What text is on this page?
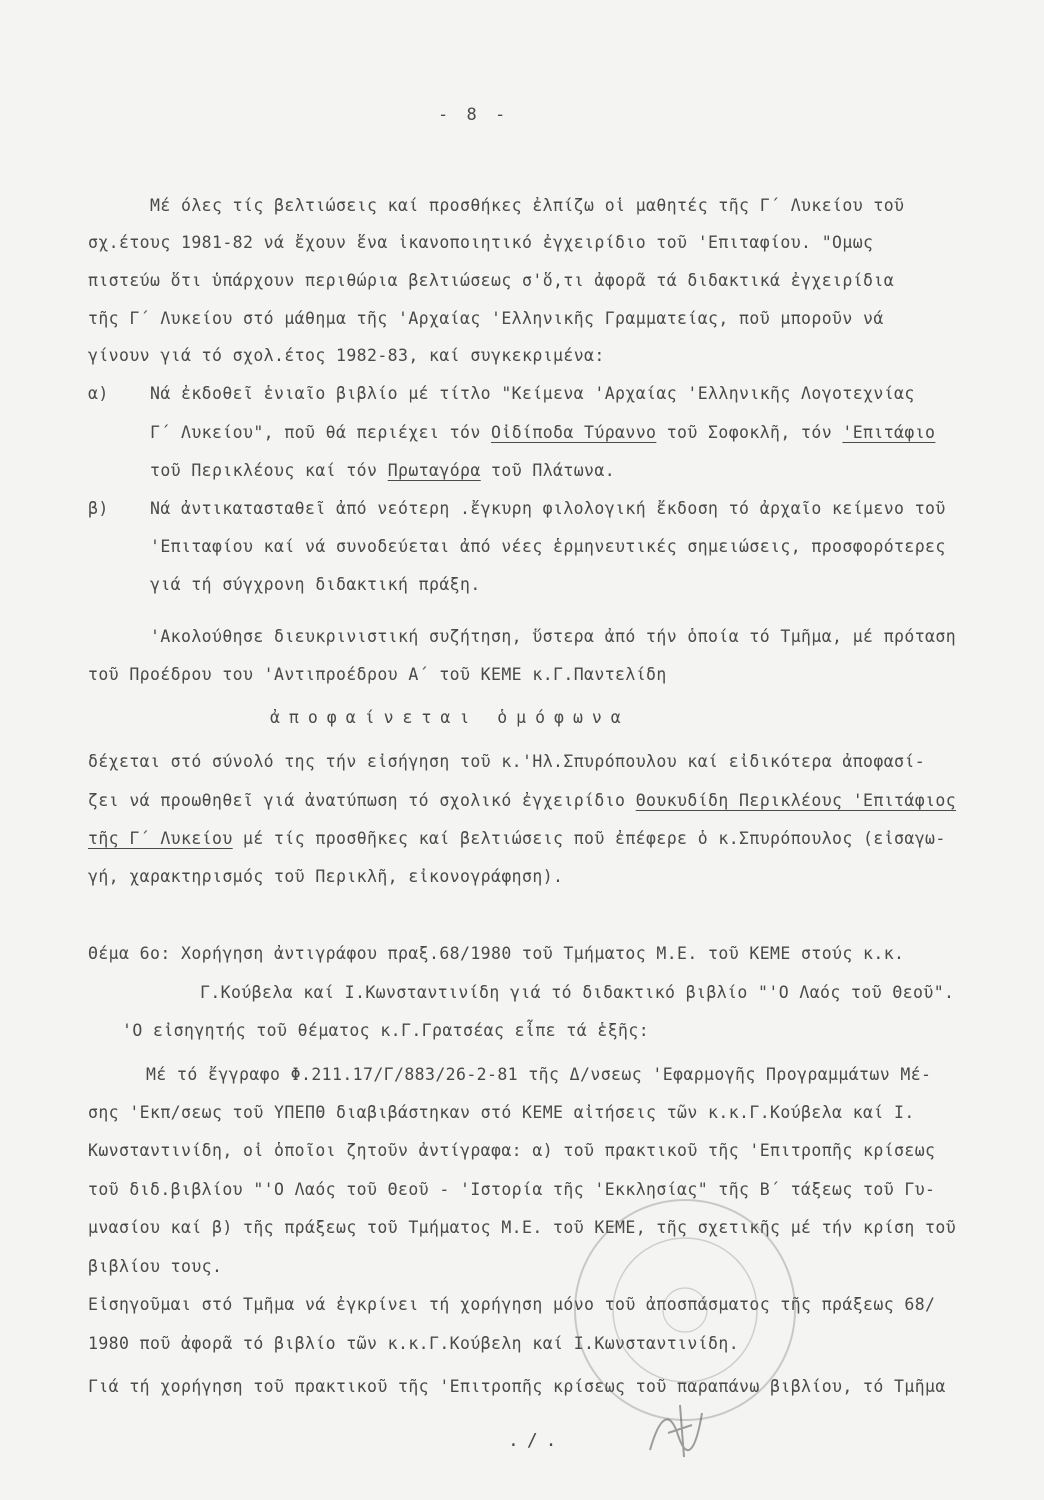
- 8 -
Μέ όλες τίς βελτιώσεις καί προσθήκες ἐλπίζω οἱ μαθητές τῆς Γ΄ Λυκείου τοῦ
σχ.έτους 1981-82 νά ἔχουν ἕνα ἱκανοποιητικό ἐγχειρίδιο τοῦ 'Επιταφίου. "Ομως
πιστεύω ὅτι ὑπάρχουν περιθώρια βελτιώσεως σ'ὅ,τι ἀφορᾶ τά διδακτικά ἐγχειρίδια
τῆς Γ΄ Λυκείου στό μάθημα τῆς 'Αρχαίας 'Ελληνικῆς Γραμματείας, ποῦ μποροῦν νά
γίνουν γιά τό σχολ.έτος 1982-83, καί συγκεκριμένα:
α)	Νά ἐκδοθεῖ ἑνιαῖο βιβλίο μέ τίτλο "Κείμενα 'Αρχαίας 'Ελληνικῆς Λογοτεχνίας
Γ΄ Λυκείου", ποῦ θά περιέχει τόν Οἰδίποδα Τύραννο τοῦ Σοφοκλῆ, τόν 'Επιτάφιο
τοῦ Περικλέους καί τόν Πρωταγόρα τοῦ Πλάτωνα.
β)	Νά ἀντικατασταθεῖ ἀπό νεότερη .ἔγκυρη φιλολογική ἔκδοση τό ἀρχαῖο κείμενο τοῦ
'Επιταφίου καί νά συνοδεύεται ἀπό νέες ἑρμηνευτικές σημειώσεις, προσφορότερες
γιά τή σύγχρονη διδακτική πράξη.
'Ακολούθησε διευκρινιστική συζήτηση, ὕστερα ἀπό τήν ὁποία τό Τμῆμα, μέ πρόταση
τοῦ Προέδρου του 'Αντιπροέδρου Α΄ τοῦ ΚΕΜΕ κ.Γ.Παντελίδη
ἀποφαίνεται ὁμόφωνα
δέχεται στό σύνολό της τήν εἰσήγηση τοῦ κ.'Ηλ.Σπυρόπουλου καί εἰδικότερα ἀποφασί-
ζει νά προωθηθεῖ γιά ἀνατύπωση τό σχολικό ἐγχειρίδιο Θουκυδίδη Περικλέους 'Επιτάφιος
τῆς Γ΄ Λυκείου μέ τίς προσθῆκες καί βελτιώσεις ποῦ ἐπέφερε ὁ κ.Σπυρόπουλος (εἰσαγω-
γή, χαρακτηρισμός τοῦ Περικλῆ, εἰκονογράφηση).
Θέμα 6ο: Χορήγηση ἀντιγράφου πραξ.68/1980 τοῦ Τμήματος Μ.Ε. τοῦ ΚΕΜΕ στούς κ.κ.
Γ.Κούβελα καί Ι.Κωνσταντινίδη γιά τό διδακτικό βιβλίο "'Ο Λαός τοῦ Θεοῦ".
'Ο εἰσηγητής τοῦ θέματος κ.Γ.Γρατσέας εἶπε τά ἑξῆς:
Μέ τό ἔγγραφο Φ.211.17/Γ/883/26-2-81 τῆς Δ/νσεως 'Εφαρμογῆς Προγραμμάτων Μέ-
σης 'Εκπ/σεως τοῦ ΥΠΕΠΘ διαβιβάστηκαν στό ΚΕΜΕ αἰτήσεις τῶν κ.κ.Γ.Κούβελα καί Ι.
Κωνσταντινίδη, οἱ ὁποῖοι ζητοῦν ἀντίγραφα: α) τοῦ πρακτικοῦ τῆς 'Επιτροπῆς κρίσεως
τοῦ διδ.βιβλίου "'Ο Λαός τοῦ Θεοῦ - 'Ιστορία τῆς 'Εκκλησίας" τῆς Β΄ τάξεως τοῦ Γυ-
μνασίου καί β) τῆς πράξεως τοῦ Τμήματος Μ.Ε. τοῦ ΚΕΜΕ, τῆς σχετικῆς μέ τήν κρίση τοῦ
βιβλίου τους.
Εἰσηγοῦμαι στό Τμῆμα νά ἐγκρίνει τή χορήγηση μόνο τοῦ ἀποσπάσματος τῆς πράξεως 68/
1980 ποῦ ἀφορᾶ τό βιβλίο τῶν κ.κ.Γ.Κούβελη καί Ι.Κωνσταντινίδη.
Γιά τή χορήγηση τοῦ πρακτικοῦ τῆς 'Επιτροπῆς κρίσεως τοῦ παραπάνω βιβλίου, τό Τμῆμα
./.
